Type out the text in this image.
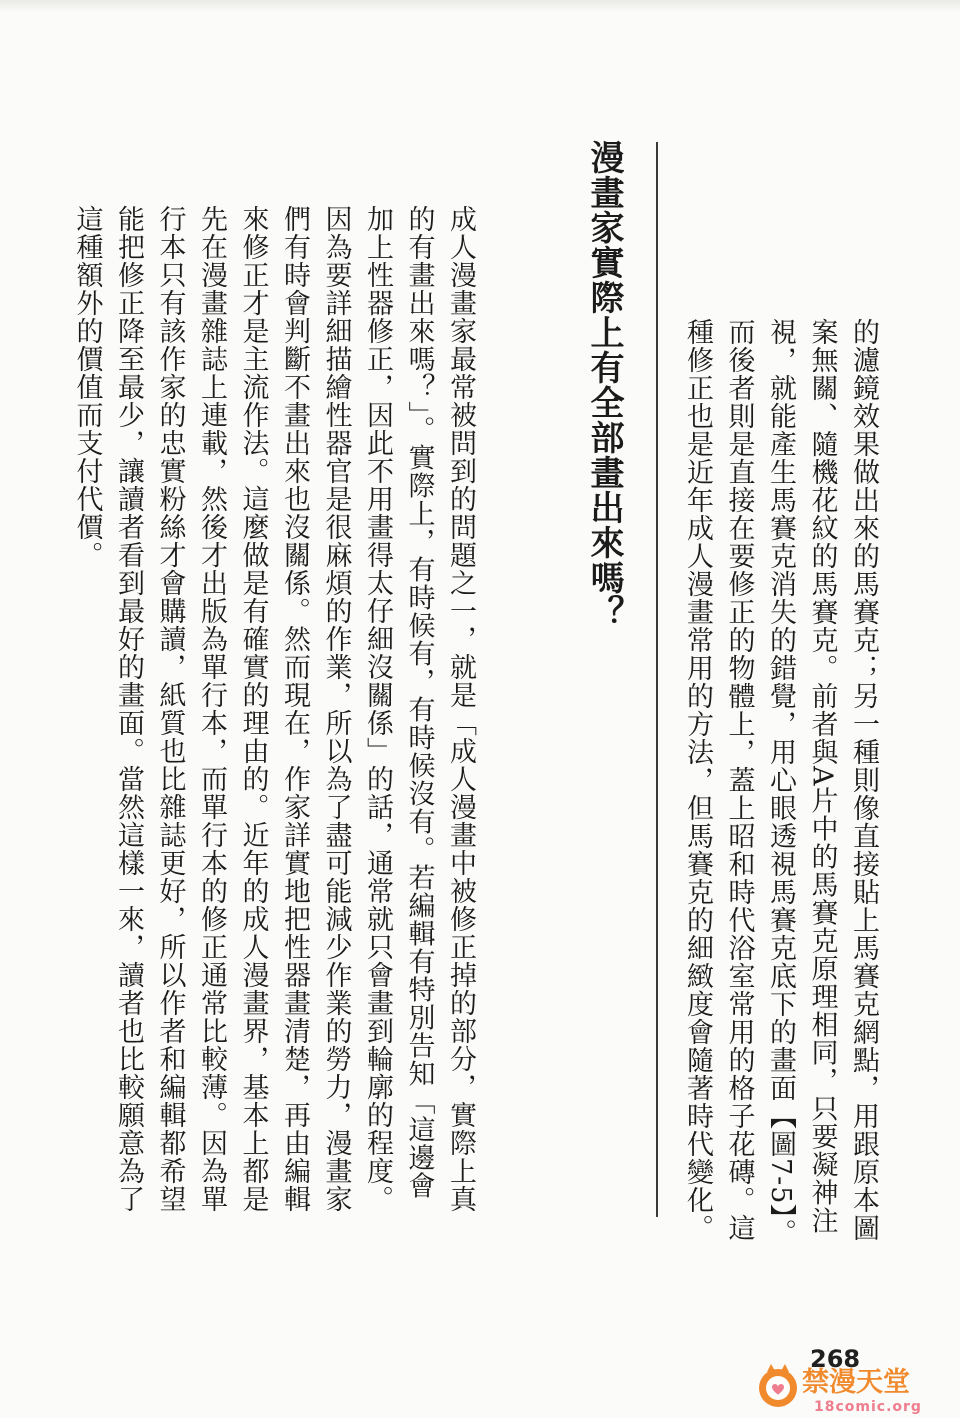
的濾鏡效果做出來的馬賽克；另一種則像直接貼上馬賽克網點，用跟原本圖案無關、隨機花紋的馬賽克。前者與A片中的馬賽克原理相同，只要凝神注視，就能產生馬賽克消失的錯覺，用心眼透視馬賽克底下的畫面【圖7-5】。而後者則是直接在要修正的物體上，蓋上昭和時代浴室常用的格子花磚。這種修正也是近年成人漫畫常用的方法，但馬賽克的細緻度會隨著時代變化。

漫畫家實際上有全部畫出來嗎？

成人漫畫家最常被問到的問題之一，就是「成人漫畫中被修正掉的部分，實際上真的有畫出來嗎？」。實際上，有時候有，有時候沒有。若編輯有特別告知「這邊會加上性器修正，因此不用畫得太仔細沒關係」的話，通常就只會畫到輪廓的程度。因為要詳細描繪性器官是很麻煩的作業，所以為了盡可能減少作業的勞力，漫畫家們有時會判斷不畫出來也沒關係。然而現在，作家詳實地把性器畫清楚，再由編輯來修正才是主流作法。這麼做是有確實的理由的。近年的成人漫畫界，基本上都是先在漫畫雜誌上連載，然後才出版為單行本，而單行本的修正通常比較薄。因為單行本只有該作家的忠實粉絲才會購讀，紙質也比雜誌更好，所以作者和編輯都希望能把修正降至最少，讓讀者看到最好的畫面。當然這樣一來，讀者也比較願意為了這種額外的價值而支付代價。

268
禁漫天堂
18comic.org
